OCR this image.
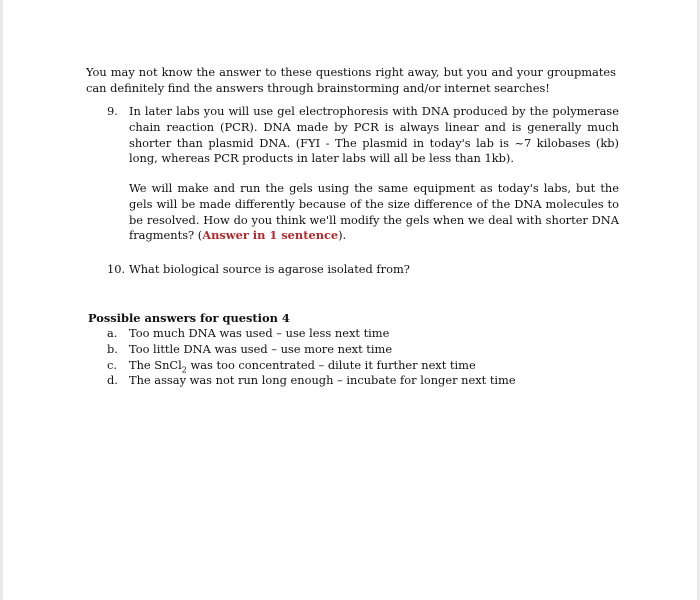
You may not know the answer to these questions right away, but you and your groupmates can definitely find the answers through brainstorming and/or internet searches!
9. In later labs you will use gel electrophoresis with DNA produced by the polymerase chain reaction (PCR). DNA made by PCR is always linear and is generally much shorter than plasmid DNA. (FYI - The plasmid in today's lab is ~7 kilobases (kb) long, whereas PCR products in later labs will all be less than 1kb).
We will make and run the gels using the same equipment as today's labs, but the gels will be made differently because of the size difference of the DNA molecules to be resolved. How do you think we'll modify the gels when we deal with shorter DNA fragments? (Answer in 1 sentence).
10. What biological source is agarose isolated from?
Possible answers for question 4
a. Too much DNA was used – use less next time
b. Too little DNA was used – use more next time
c. The SnCl$_2$ was too concentrated – dilute it further next time
d. The assay was not run long enough – incubate for longer next time
